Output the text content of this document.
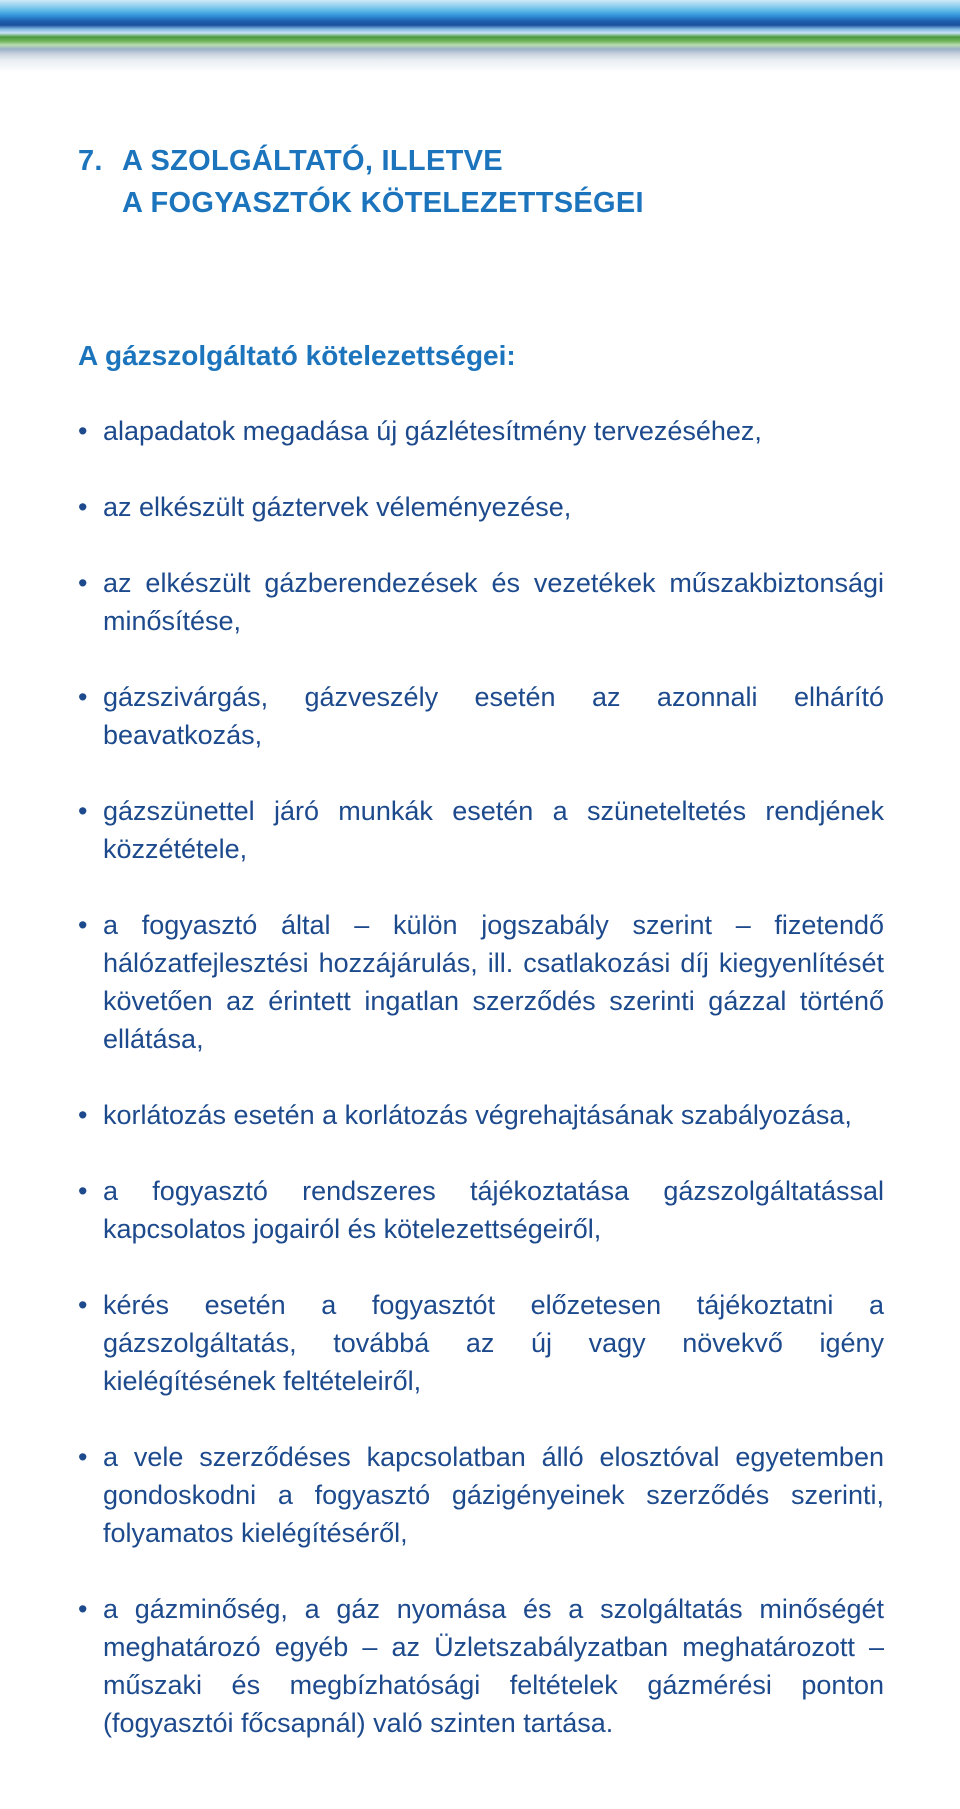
7. A SZOLGÁLTATÓ, ILLETVE
A FOGYASZTÓK KÖTELEZETTSÉGEI
A gázszolgáltató kötelezettségei:
• alapadatok megadása új gázlétesítmény tervezéséhez,
• az elkészült gáztervek véleményezése,
• az elkészült gázberendezések és vezetékek műszakbiztonsági minősítése,
• gázszivárgás, gázveszély esetén az azonnali elhárító beavatkozás,
• gázszünettel járó munkák esetén a szüneteltetés rendjének közzététele,
• a fogyasztó által – külön jogszabály szerint – fizetendő hálózatfejlesztési hozzájárulás, ill. csatlakozási díj kiegyenlítését követően az érintett ingatlan szerződés szerinti gázzal történő ellátása,
• korlátozás esetén a korlátozás végrehajtásának szabályozása,
• a fogyasztó rendszeres tájékoztatása gázszolgáltatással kapcsolatos jogairól és kötelezettségeiről,
• kérés esetén a fogyasztót előzetesen tájékoztatni a gázszolgáltatás, továbbá az új vagy növekvő igény kielégítésének feltételeiről,
• a vele szerződéses kapcsolatban álló elosztóval egyetemben gondoskodni a fogyasztó gázigényeinek szerződés szerinti, folyamatos kielégítéséről,
• a gázminőség, a gáz nyomása és a szolgáltatás minőségét meghatározó egyéb – az Üzletszabályzatban meghatározott – műszaki és megbízhatósági feltételek gázmérési ponton (fogyasztói főcsapnál) való szinten tartása.
